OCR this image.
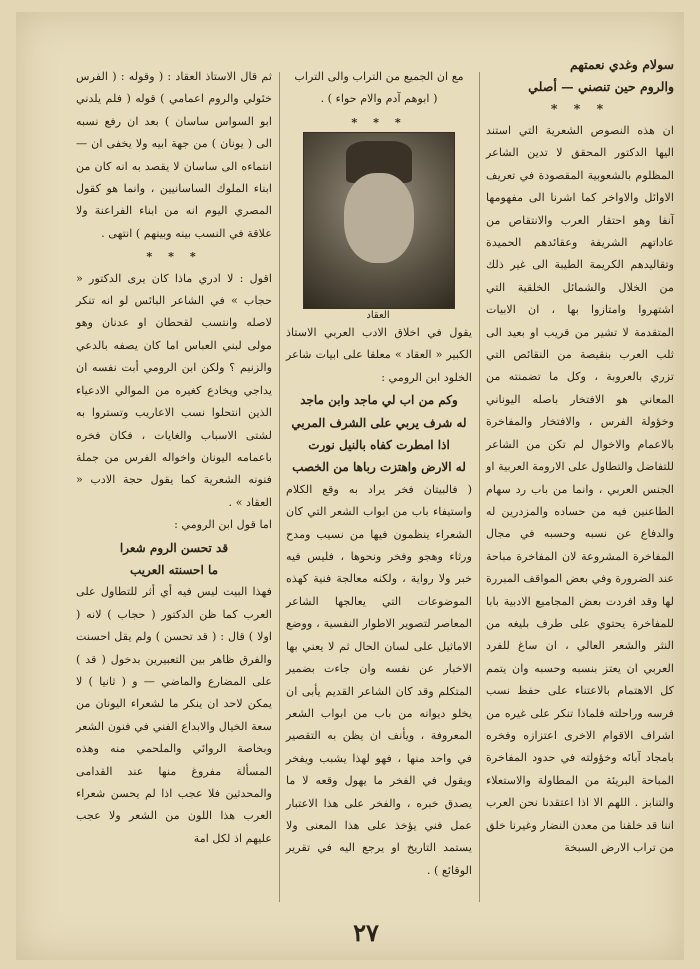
سولام وغدي نعمتهم
والروم حين تنصني — أصلي
* * *

ان هذه النصوص الشعرية التي استند اليها الدكتور المحقق لا تدين الشاعر المظلوم بالشعوبية المقصودة في تعريف الاوائل والاواخر كما اشرنا الى مفهومها آنفا وهو احتقار العرب والانتقاص من عاداتهم الشريفة وعقائدهم الحميدة وتقاليدهم الكريمة الطيبة الى غير ذلك من الخلال والشمائل الخلقية التي اشتهروا وامتازوا بها ، ان الابيات المتقدمة لا تشير من قريب او بعيد الى ثلب العرب بنقيصة من النقائص التي تزري بالعروبة ، وكل ما تضمنته من المعاني هو الافتخار باصله اليوناني وخؤولة الفرس ، والافتخار والمفاخرة بالاعمام والاخوال لم تكن من الشاعر للتفاضل والتطاول على الارومة العربية او الجنس العربي ، وانما من باب رد سهام الطاعنين فيه من حساده والمزدرين له والدفاع عن نسبه وحسبه في مجال المفاخرة المشروعة لان المفاخرة مباحة عند الضرورة وفي بعض المواقف المبررة لها وقد افردت بعض المجاميع الادبية بابا للمفاخرة يحتوي على طرف بليغه من النثر والشعر العالي ، ان ساغ للفرد العربي ان يعتز بنسبه وحسبه وان يتمم كل الاهتمام بالاعتناء على حفظ نسب فرسه وراحلته فلماذا تنكر على غيره من اشراف الاقوام الاخرى اعتزازه وفخره بامجاد آبائه وخؤولته في حدود المفاخرة المباحة البريئة من المطاولة والاستعلاء والتنابز . اللهم الا اذا اعتقدنا نحن العرب اننا قد خلقنا من معدن النضار وغيرنا خلق من تراب الارض السبخة

مع ان الجميع من التراب والى التراب

( ابوهم آدم والام حواء ) .

* * *

العقاد

يقول في اخلاق الادب العربي الاستاذ الكبير « العقاد » معلقا على ابيات شاعر الخلود ابن الرومي :

وكم من اب لي ماجد وابن ماجد

له شرف يربي على الشرف المربي

اذا امطرت كفاه بالنيل نورت

له الارض واهتزت رباها من الخصب

( فالبيتان فخر يراد به وقع الكلام واستيفاء باب من ابواب الشعر التي كان الشعراء ينظمون فيها من نسيب ومدح ورثاء وهجو وفخر ونحوها ، فليس فيه خبر ولا رواية ، ولكنه معالجة فنية كهذه الموضوعات التي يعالجها الشاعر المعاصر لتصوير الاطوار النفسية ، ووضع الاماثيل على لسان الحال ثم لا يعني بها الاخبار عن نفسه وان جاءت بضمير المتكلم وقد كان الشاعر القديم يأبى ان يخلو ديوانه من باب من ابواب الشعر المعروفة ، ويأنف ان يظن به التقصير في واحد منها ، فهو لهذا يشبب ويفخر ويقول في الفخر ما يهول وقعه لا ما يصدق خبره ، والفخر على هذا الاعتبار عمل فني يؤخذ على هذا المعنى ولا يستمد التاريخ او يرجع اليه في تقرير الوقائع ) .

ثم قال الاستاذ العقاد : ( وقوله : ( الفرس خئولي والروم اعمامي ) قوله ( فلم يلدني ابو السواس ساسان ) بعد ان رفع نسبه الى ( يونان ) من جهة ابيه ولا يخفى ان — انتماءه الى ساسان لا يقصد به انه كان من ابناء الملوك الساسانيين ، وانما هو كقول المصري اليوم انه من ابناء الفراعنة ولا علاقة في النسب بينه وبينهم ) انتهى .

* * *

اقول : لا ادري ماذا كان يرى الدكتور « حجاب » في الشاعر البائس لو انه تنكر لاصله وانتسب لقحطان او عدنان وهو مولى لبني العباس اما كان يصفه بالدعي والزنيم ؟ ولكن ابن الرومي أبت نفسه ان يداجي ويخادع كغيره من الموالي الادعياء الذين انتحلوا نسب الاعاريب وتستروا به لشتى الاسباب والغايات ، فكان فخره باعمامه اليونان واخواله الفرس من جملة فنونه الشعرية كما يقول حجة الادب « العقاد » .

اما قول ابن الرومي :

قد تحسن الروم شعرا

ما احسنته العريب

فهذا البيت ليس فيه أي أثر للتطاول على العرب كما ظن الدكتور ( حجاب ) لانه ( اولا ) قال : ( قد تحسن ) ولم يقل احسنت والفرق ظاهر بين التعبيرين بدخول ( قد ) على المضارع والماضي — و ( ثانيا ) لا يمكن لاحد ان ينكر ما لشعراء اليونان من سعة الخيال والابداع الفني في فنون الشعر وبخاصة الروائي والملحمي منه وهذه المسألة مفروغ منها عند القدامى والمحدثين فلا عجب اذا لم يحسن شعراء العرب هذا اللون من الشعر ولا عجب عليهم اذ لكل امة

٢٧
